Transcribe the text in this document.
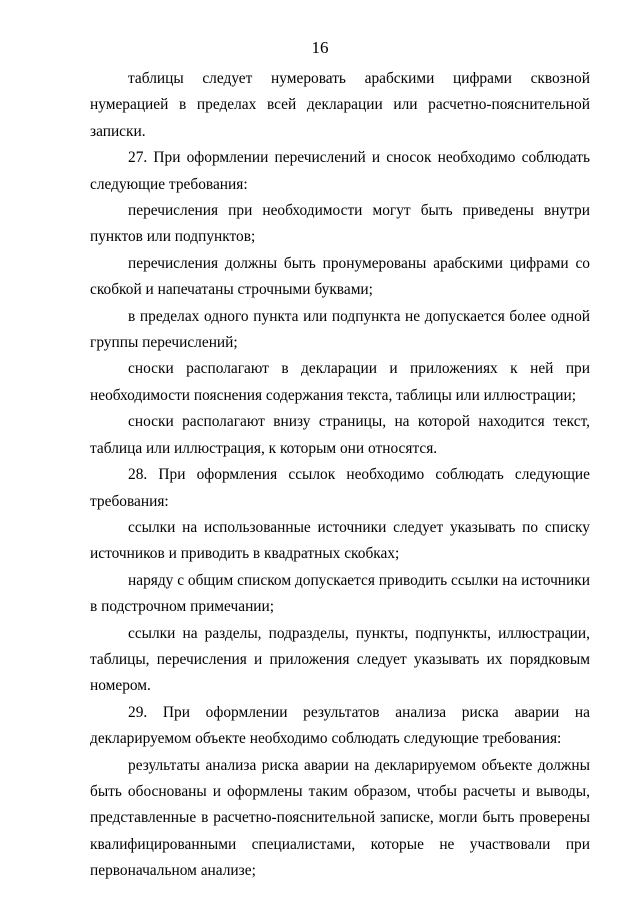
16

таблицы следует нумеровать арабскими цифрами сквозной нумерацией в пределах всей декларации или расчетно-пояснительной записки.

27. При оформлении перечислений и сносок необходимо соблюдать следующие требования:

перечисления при необходимости могут быть приведены внутри пунктов или подпунктов;

перечисления должны быть пронумерованы арабскими цифрами со скобкой и напечатаны строчными буквами;

в пределах одного пункта или подпункта не допускается более одной группы перечислений;

сноски располагают в декларации и приложениях к ней при необходимости пояснения содержания текста, таблицы или иллюстрации;

сноски располагают внизу страницы, на которой находится текст, таблица или иллюстрация, к которым они относятся.

28. При оформления ссылок необходимо соблюдать следующие требования:

ссылки на использованные источники следует указывать по списку источников и приводить в квадратных скобках;

наряду с общим списком допускается приводить ссылки на источники в подстрочном примечании;

ссылки на разделы, подразделы, пункты, подпункты, иллюстрации, таблицы, перечисления и приложения следует указывать их порядковым номером.

29. При оформлении результатов анализа риска аварии на декларируемом объекте необходимо соблюдать следующие требования:

результаты анализа риска аварии на декларируемом объекте должны быть обоснованы и оформлены таким образом, чтобы расчеты и выводы, представленные в расчетно-пояснительной записке, могли быть проверены квалифицированными специалистами, которые не участвовали при первоначальном анализе;
